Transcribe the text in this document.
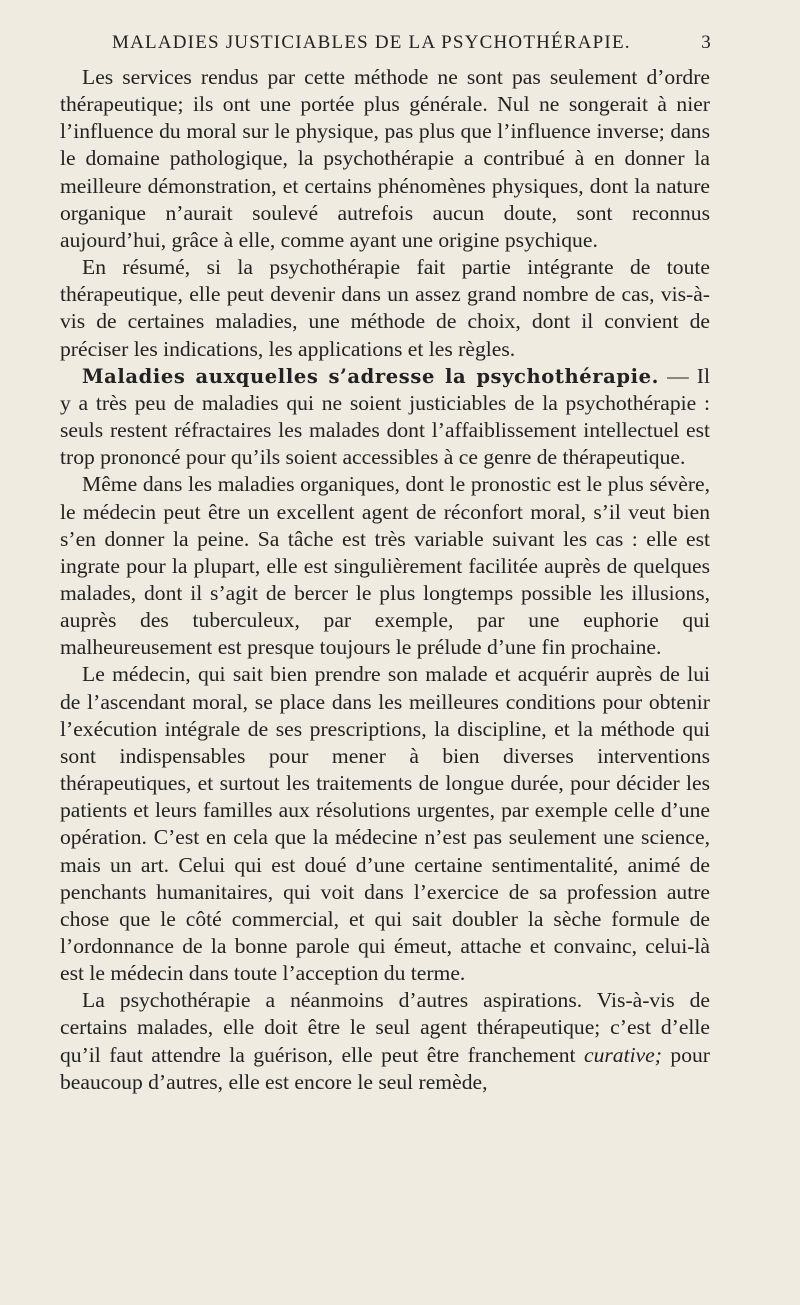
MALADIES JUSTICIABLES DE LA PSYCHOTHÉRAPIE.	3

Les services rendus par cette méthode ne sont pas seulement d’ordre thérapeutique; ils ont une portée plus générale. Nul ne songerait à nier l’influence du moral sur le physique, pas plus que l’influence inverse; dans le domaine pathologique, la psychothérapie a contribué à en donner la meilleure démonstration, et certains phénomènes physiques, dont la nature organique n’aurait soulevé autrefois aucun doute, sont reconnus aujourd’hui, grâce à elle, comme ayant une origine psychique.

En résumé, si la psychothérapie fait partie intégrante de toute thérapeutique, elle peut devenir dans un assez grand nombre de cas, vis-à-vis de certaines maladies, une méthode de choix, dont il convient de préciser les indications, les applications et les règles.

Maladies auxquelles s’adresse la psychothérapie. — Il y a très peu de maladies qui ne soient justiciables de la psychothérapie : seuls restent réfractaires les malades dont l’affaiblissement intellectuel est trop prononcé pour qu’ils soient accessibles à ce genre de thérapeutique.

Même dans les maladies organiques, dont le pronostic est le plus sévère, le médecin peut être un excellent agent de réconfort moral, s’il veut bien s’en donner la peine. Sa tâche est très variable suivant les cas : elle est ingrate pour la plupart, elle est singulièrement facilitée auprès de quelques malades, dont il s’agit de bercer le plus longtemps possible les illusions, auprès des tuberculeux, par exemple, par une euphorie qui malheureusement est presque toujours le prélude d’une fin prochaine.

Le médecin, qui sait bien prendre son malade et acquérir auprès de lui de l’ascendant moral, se place dans les meilleures conditions pour obtenir l’exécution intégrale de ses prescriptions, la discipline, et la méthode qui sont indispensables pour mener à bien diverses interventions thérapeutiques, et surtout les traitements de longue durée, pour décider les patients et leurs familles aux résolutions urgentes, par exemple celle d’une opération. C’est en cela que la médecine n’est pas seulement une science, mais un art. Celui qui est doué d’une certaine sentimentalité, animé de penchants humanitaires, qui voit dans l’exercice de sa profession autre chose que le côté commercial, et qui sait doubler la sèche formule de l’ordonnance de la bonne parole qui émeut, attache et convainc, celui-là est le médecin dans toute l’acception du terme.

La psychothérapie a néanmoins d’autres aspirations. Vis-à-vis de certains malades, elle doit être le seul agent thérapeutique; c’est d’elle qu’il faut attendre la guérison, elle peut être franchement curative; pour beaucoup d’autres, elle est encore le seul remède,
